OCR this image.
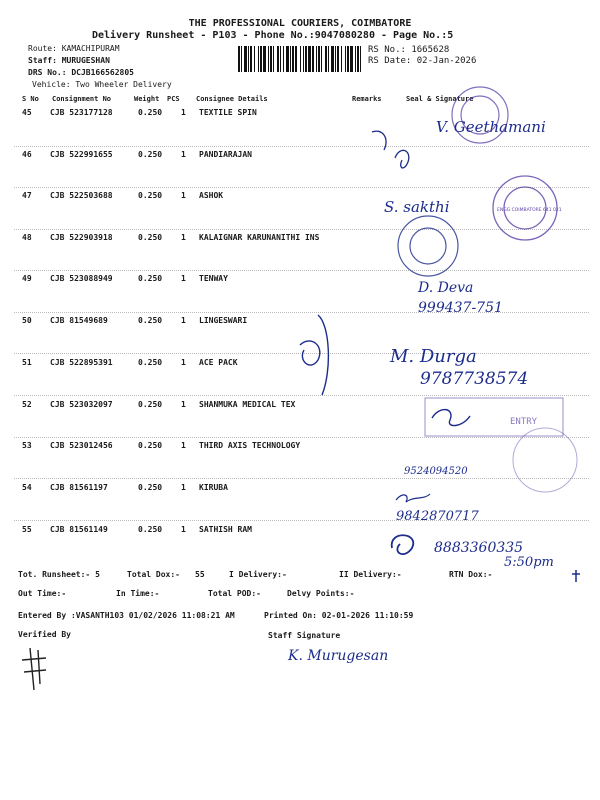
THE PROFESSIONAL COURIERS, COIMBATORE
Delivery Runsheet - P103 - Phone No.:9047080280 - Page No.:5
Route: KAMACHIPURAM
Staff: MURUGESHAN
DRS No.: DCJB166562805
Vehicle: Two Wheeler Delivery
RS No.: 1665628
RS Date: 02-Jan-2026
S No Consignment No	Weight PCS Consignee Details	Remarks	Seal & Signature
45 CJB 523177128	0.250 1 TEXTILE SPIN
46 CJB 522991655	0.250 1 PANDIARAJAN
47 CJB 522503688	0.250 1 ASHOK
48 CJB 522903918	0.250 1 KALAIGNAR KARUNANITHI INS
49 CJB 523088949	0.250 1 TENWAY
50 CJB 81549689	0.250 1 LINGESWARI
51 CJB 522895391	0.250 1 ACE PACK
52 CJB 523032097	0.250 1 SHANMUKA MEDICAL TEX
53 CJB 523012456	0.250 1 THIRD AXIS TECHNOLOGY
54 CJB 81561197	0.250 1 KIRUBA
55 CJB 81561149	0.250 1 SATHISH RAM
Tot. Runsheet:- 5	Total Dox:- 55	I Delivery:-	II Delivery:-	RTN Dox:-
Out Time:-	In Time:-	Total POD:-	Delvy Points:-
Entered By :VASANTH103 01/02/2026 11:08:21 AM	Printed On: 02-01-2026 11:10:59
Verified By	Staff Signature
V. Geethamani
ENGG COIMBATORE 641 021
S. sakthi
D. Deva
999437-751
M. Durga
9787738574
ENTRY
9524094520
9842870717
8883360335
5:50pm
K. Murugesan
